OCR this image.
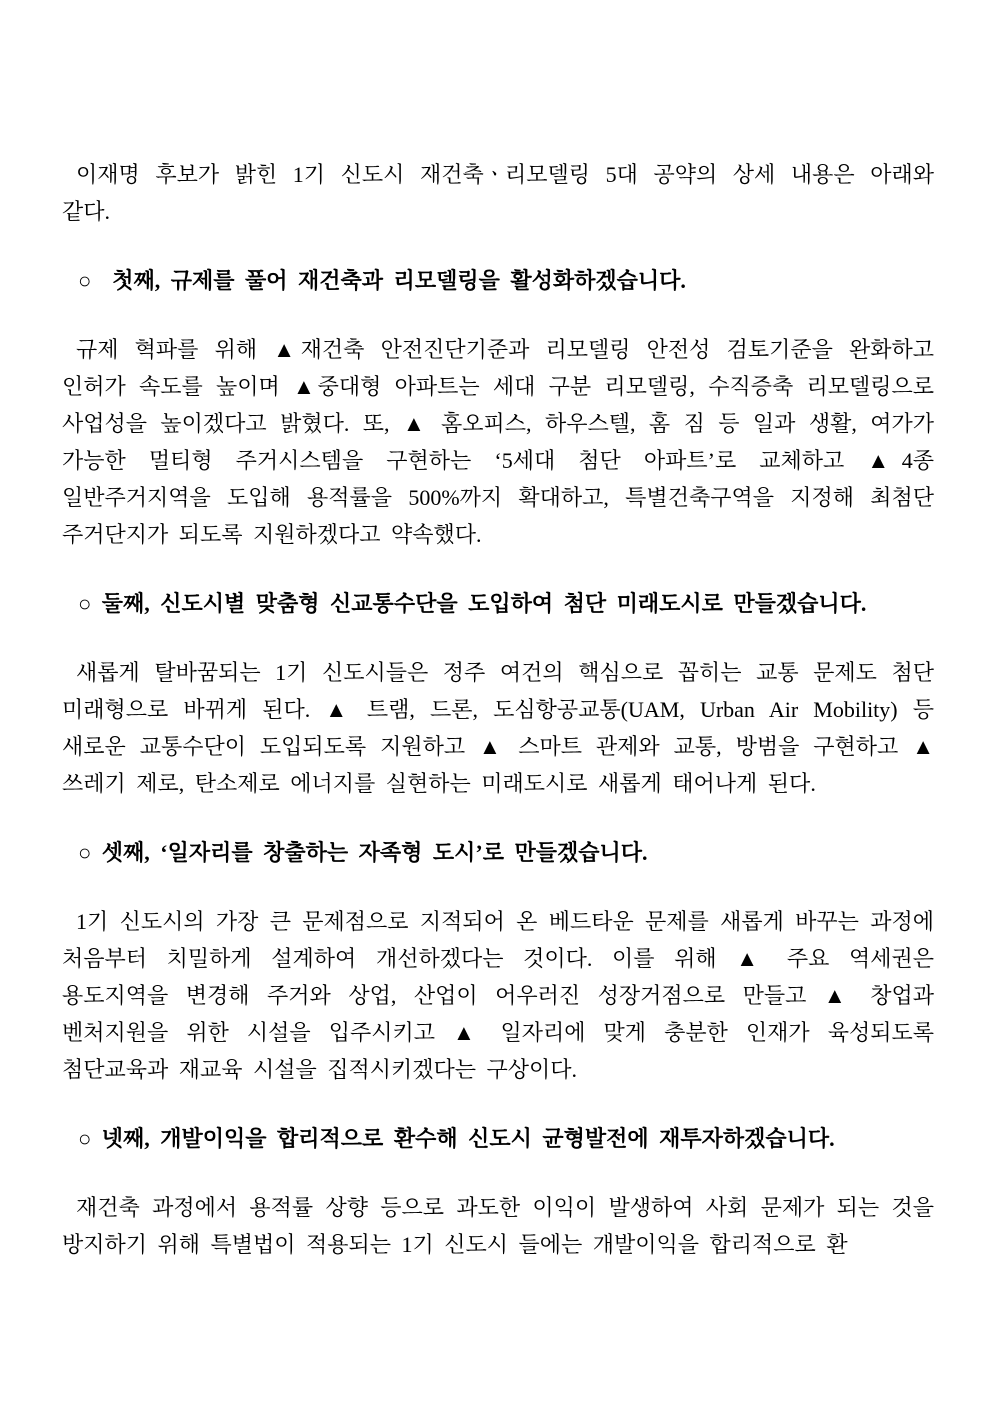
이재명 후보가 밝힌 1기 신도시 재건축ㆍ리모델링 5대 공약의 상세 내용은 아래와 같다.

○  첫째, 규제를 풀어 재건축과 리모델링을 활성화하겠습니다.

규제 혁파를 위해 ▲재건축 안전진단기준과 리모델링 안전성 검토기준을 완화하고 인허가 속도를 높이며 ▲중대형 아파트는 세대 구분 리모델링, 수직증축 리모델링으로 사업성을 높이겠다고 밝혔다. 또, ▲ 홈오피스, 하우스텔, 홈 짐 등 일과 생활, 여가가 가능한 멀티형 주거시스템을 구현하는 ‘5세대 첨단 아파트’로 교체하고 ▲4종 일반주거지역을 도입해 용적률을 500%까지 확대하고, 특별건축구역을 지정해 최첨단 주거단지가 되도록 지원하겠다고 약속했다.

○ 둘째, 신도시별 맞춤형 신교통수단을 도입하여 첨단 미래도시로 만들겠습니다.

새롭게 탈바꿈되는 1기 신도시들은 정주 여건의 핵심으로 꼽히는 교통 문제도 첨단 미래형으로 바뀌게 된다. ▲ 트램, 드론, 도심항공교통(UAM, Urban Air Mobility) 등 새로운 교통수단이 도입되도록 지원하고 ▲ 스마트 관제와 교통, 방범을 구현하고 ▲ 쓰레기 제로, 탄소제로 에너지를 실현하는 미래도시로 새롭게 태어나게 된다.

○ 셋째, ‘일자리를 창출하는 자족형 도시’로 만들겠습니다.

1기 신도시의 가장 큰 문제점으로 지적되어 온 베드타운 문제를 새롭게 바꾸는 과정에 처음부터 치밀하게 설계하여 개선하겠다는 것이다. 이를 위해 ▲ 주요 역세권은 용도지역을 변경해 주거와 상업, 산업이 어우러진 성장거점으로 만들고 ▲ 창업과 벤처지원을 위한 시설을 입주시키고 ▲ 일자리에 맞게 충분한 인재가 육성되도록 첨단교육과 재교육 시설을 집적시키겠다는 구상이다.

○ 넷째, 개발이익을 합리적으로 환수해 신도시 균형발전에 재투자하겠습니다.

재건축 과정에서 용적률 상향 등으로 과도한 이익이 발생하여 사회 문제가 되는 것을 방지하기 위해 특별법이 적용되는 1기 신도시 들에는 개발이익을 합리적으로 환
